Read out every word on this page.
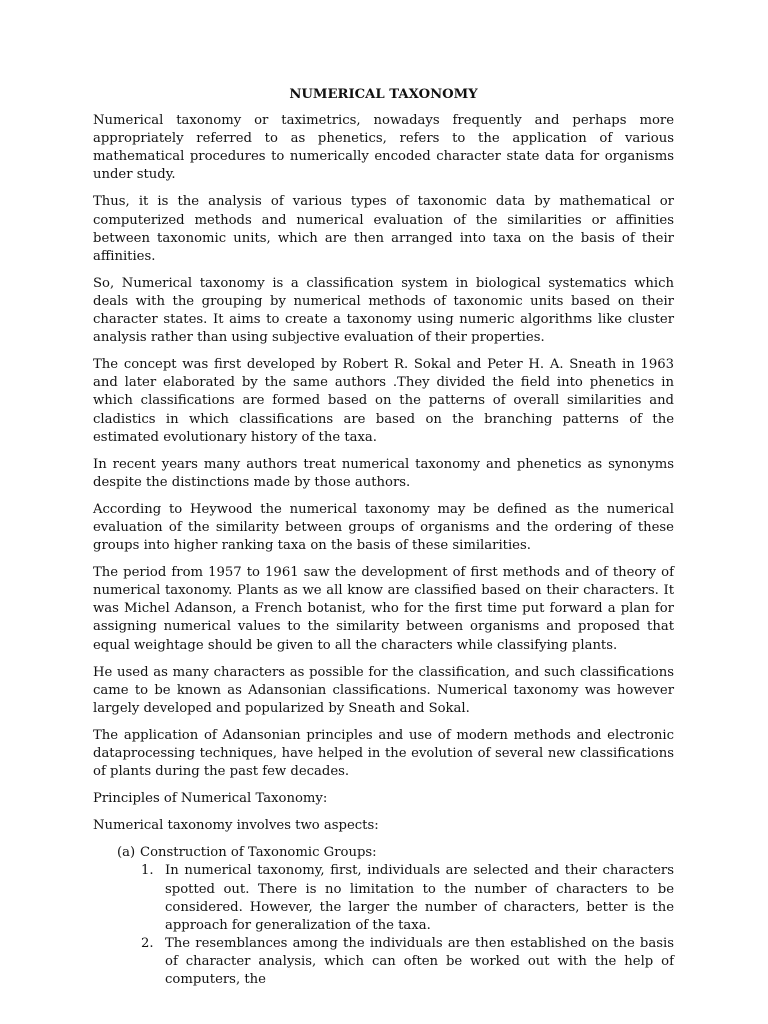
NUMERICAL TAXONOMY

Numerical taxonomy or taximetrics, nowadays frequently and perhaps more appropriately referred to as phenetics, refers to the application of various mathematical procedures to numerically encoded character state data for organisms under study.

Thus, it is the analysis of various types of taxonomic data by mathematical or computerized methods and numerical evaluation of the similarities or affinities between taxonomic units, which are then arranged into taxa on the basis of their affinities.

So, Numerical taxonomy is a classification system in biological systematics which deals with the grouping by numerical methods of taxonomic units based on their character states. It aims to create a taxonomy using numeric algorithms like cluster analysis rather than using subjective evaluation of their properties.

The concept was first developed by Robert R. Sokal and Peter H. A. Sneath in 1963 and later elaborated by the same authors .They divided the field into phenetics in which classifications are formed based on the patterns of overall similarities and cladistics in which classifications are based on the branching patterns of the estimated evolutionary history of the taxa.

In recent years many authors treat numerical taxonomy and phenetics as synonyms despite the distinctions made by those authors.

According to Heywood the numerical taxonomy may be defined as the numerical evaluation of the similarity between groups of organisms and the ordering of these groups into higher ranking taxa on the basis of these similarities.

The period from 1957 to 1961 saw the development of first methods and of theory of numerical taxonomy. Plants as we all know are classified based on their characters. It was Michel Adanson, a French botanist, who for the first time put forward a plan for assigning numerical values to the similarity between organisms and proposed that equal weightage should be given to all the characters while classifying plants.

He used as many characters as possible for the classification, and such classifications came to be known as Adansonian classifications. Numerical taxonomy was however largely developed and popularized by Sneath and Sokal.

The application of Adansonian principles and use of modern methods and electronic dataprocessing techniques, have helped in the evolution of several new classifications of plants during the past few decades.

Principles of Numerical Taxonomy:

Numerical taxonomy involves two aspects:

(a) Construction of Taxonomic Groups:
1. In numerical taxonomy, first, individuals are selected and their characters spotted out. There is no limitation to the number of characters to be considered. However, the larger the number of characters, better is the approach for generalization of the taxa.
2. The resemblances among the individuals are then established on the basis of character analysis, which can often be worked out with the help of computers, the
